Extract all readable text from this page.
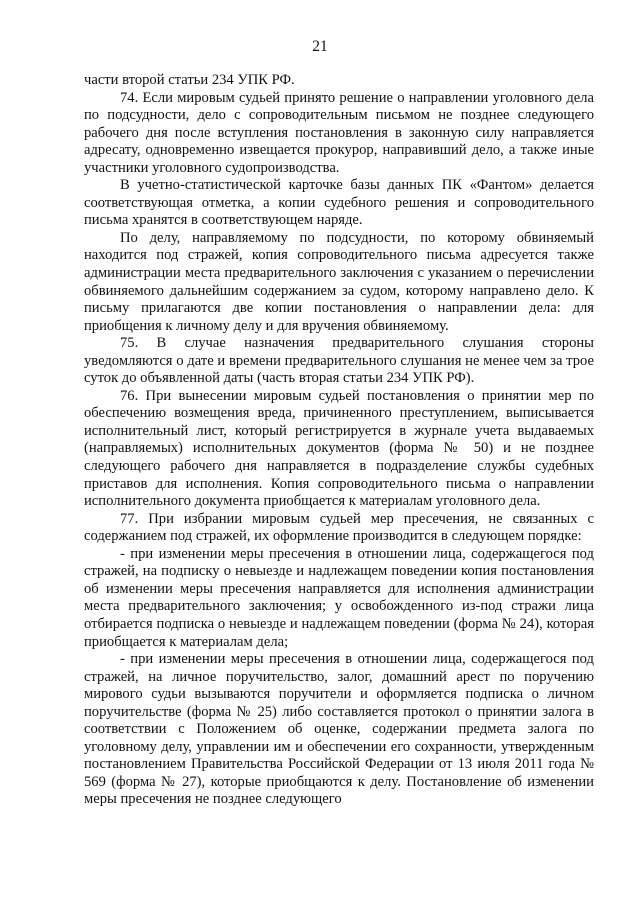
21

части второй статьи 234 УПК РФ.

74. Если мировым судьей принято решение о направлении уголовного дела по подсудности, дело с сопроводительным письмом не позднее следующего рабочего дня после вступления постановления в законную силу направляется адресату, одновременно извещается прокурор, направивший дело, а также иные участники уголовного судопроизводства.

В учетно-статистической карточке базы данных ПК «Фантом» делается соответствующая отметка, а копии судебного решения и сопроводительного письма хранятся в соответствующем наряде.

По делу, направляемому по подсудности, по которому обвиняемый находится под стражей, копия сопроводительного письма адресуется также администрации места предварительного заключения с указанием о перечислении обвиняемого дальнейшим содержанием за судом, которому направлено дело. К письму прилагаются две копии постановления о направлении дела: для приобщения к личному делу и для вручения обвиняемому.

75. В случае назначения предварительного слушания стороны уведомляются о дате и времени предварительного слушания не менее чем за трое суток до объявленной даты (часть вторая статьи 234 УПК РФ).

76. При вынесении мировым судьей постановления о принятии мер по обеспечению возмещения вреда, причиненного преступлением, выписывается исполнительный лист, который регистрируется в журнале учета выдаваемых (направляемых) исполнительных документов (форма № 50) и не позднее следующего рабочего дня направляется в подразделение службы судебных приставов для исполнения. Копия сопроводительного письма о направлении исполнительного документа приобщается к материалам уголовного дела.

77. При избрании мировым судьей мер пресечения, не связанных с содержанием под стражей, их оформление производится в следующем порядке:

- при изменении меры пресечения в отношении лица, содержащегося под стражей, на подписку о невыезде и надлежащем поведении копия постановления об изменении меры пресечения направляется для исполнения администрации места предварительного заключения; у освобожденного из-под стражи лица отбирается подписка о невыезде и надлежащем поведении (форма № 24), которая приобщается к материалам дела;

- при изменении меры пресечения в отношении лица, содержащегося под стражей, на личное поручительство, залог, домашний арест по поручению мирового судьи вызываются поручители и оформляется подписка о личном поручительстве (форма № 25) либо составляется протокол о принятии залога в соответствии с Положением об оценке, содержании предмета залога по уголовному делу, управлении им и обеспечении его сохранности, утвержденным постановлением Правительства Российской Федерации от 13 июля 2011 года № 569 (форма № 27), которые приобщаются к делу. Постановление об изменении меры пресечения не позднее следующего
